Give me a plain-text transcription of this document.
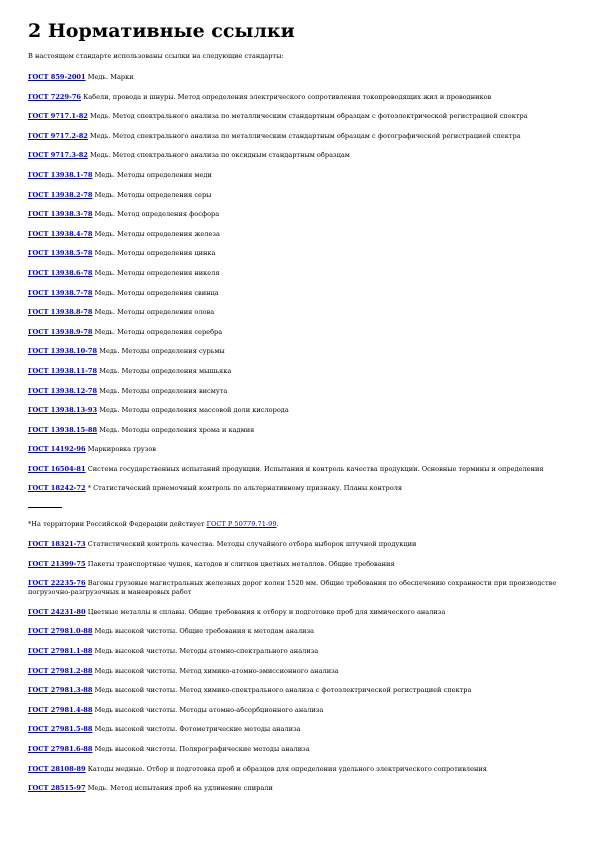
2 Нормативные ссылки

В настоящем стандарте использованы ссылки на следующие стандарты:

ГОСТ 859-2001 Медь. Марки

ГОСТ 7229-76 Кабели, провода и шнуры. Метод определения электрического сопротивления токопроводящих жил и проводников

ГОСТ 9717.1-82 Медь. Метод спектрального анализа по металлическим стандартным образцам с фотоэлектрической регистрацией спектра

ГОСТ 9717.2-82 Медь. Метод спектрального анализа по металлическим стандартным образцам с фотографической регистрацией спектра

ГОСТ 9717.3-82 Медь. Метод спектрального анализа по оксидным стандартным образцам

ГОСТ 13938.1-78 Медь. Методы определения меди

ГОСТ 13938.2-78 Медь. Методы определения серы

ГОСТ 13938.3-78 Медь. Метод определения фосфора

ГОСТ 13938.4-78 Медь. Методы определения железа

ГОСТ 13938.5-78 Медь. Методы определения цинка

ГОСТ 13938.6-78 Медь. Методы определения никеля

ГОСТ 13938.7-78 Медь. Методы определения свинца

ГОСТ 13938.8-78 Медь. Методы определения олова

ГОСТ 13938.9-78 Медь. Методы определения серебра

ГОСТ 13938.10-78 Медь. Методы определения сурьмы

ГОСТ 13938.11-78 Медь. Методы определения мышьяка

ГОСТ 13938.12-78 Медь. Методы определения висмута

ГОСТ 13938.13-93 Медь. Методы определения массовой доли кислорода

ГОСТ 13938.15-88 Медь. Методы определения хрома и кадмия

ГОСТ 14192-96 Маркировка грузов

ГОСТ 16504-81 Система государственных испытаний продукции. Испытания и контроль качества продукции. Основные термины и определения

ГОСТ 18242-72 * Статистический приемочный контроль по альтернативному признаку. Планы контроля

*На территории Российской Федерации действует ГОСТ Р 50779.71-99.

ГОСТ 18321-73 Статистический контроль качества. Методы случайного отбора выборок штучной продукции

ГОСТ 21399-75 Пакеты транспортные чушек, катодов и слитков цветных металлов. Общие требования

ГОСТ 22235-76 Вагоны грузовые магистральных железных дорог колеи 1520 мм. Общие требования по обеспечению сохранности при производстве погрузочно-разгрузочных и маневровых работ

ГОСТ 24231-80 Цветные металлы и сплавы. Общие требования к отбору и подготовке проб для химического анализа

ГОСТ 27981.0-88 Медь высокой чистоты. Общие требования к методам анализа

ГОСТ 27981.1-88 Медь высокой чистоты. Методы атомно-спектрального анализа

ГОСТ 27981.2-88 Медь высокой чистоты. Метод химико-атомно-эмиссионного анализа

ГОСТ 27981.3-88 Медь высокой чистоты. Метод химико-спектрального анализа с фотоэлектрической регистрацией спектра

ГОСТ 27981.4-88 Медь высокой чистоты. Методы атомно-абсорбционного анализа

ГОСТ 27981.5-88 Медь высокой чистоты. Фотометрические методы анализа

ГОСТ 27981.6-88 Медь высокой чистоты. Полярографические методы анализа

ГОСТ 28108-89 Катоды медные. Отбор и подготовка проб и образцов для определения удельного электрического сопротивления

ГОСТ 28515-97 Медь. Метод испытания проб на удлинение спирали
